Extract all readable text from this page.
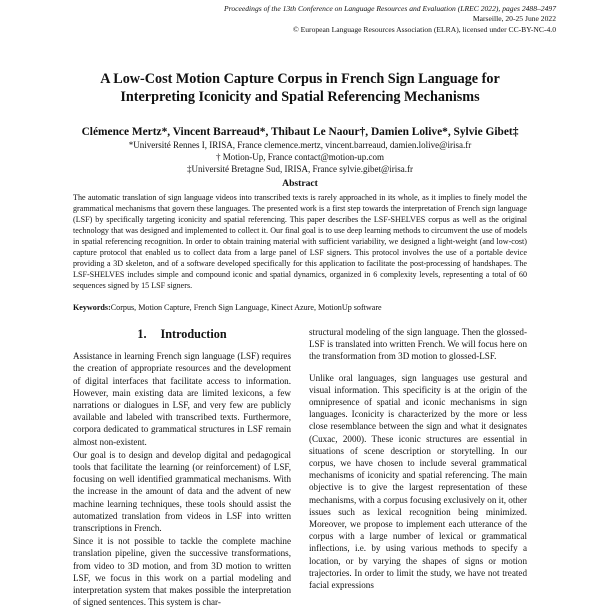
Proceedings of the 13th Conference on Language Resources and Evaluation (LREC 2022), pages 2488–2497
Marseille, 20-25 June 2022
© European Language Resources Association (ELRA), licensed under CC-BY-NC-4.0
A Low-Cost Motion Capture Corpus in French Sign Language for
Interpreting Iconicity and Spatial Referencing Mechanisms
Clémence Mertz*, Vincent Barreaud*, Thibaut Le Naour†, Damien Lolive*, Sylvie Gibet‡
*Université Rennes I, IRISA, France clemence.mertz, vincent.barreaud, damien.lolive@irisa.fr
† Motion-Up, France contact@motion-up.com
‡Université Bretagne Sud, IRISA, France sylvie.gibet@irisa.fr
Abstract
The automatic translation of sign language videos into transcribed texts is rarely approached in its whole, as it implies to finely model the grammatical mechanisms that govern these languages. The presented work is a first step towards the interpretation of French sign language (LSF) by specifically targeting iconicity and spatial referencing. This paper describes the LSF-SHELVES corpus as well as the original technology that was designed and implemented to collect it. Our final goal is to use deep learning methods to circumvent the use of models in spatial referencing recognition. In order to obtain training material with sufficient variability, we designed a light-weight (and low-cost) capture protocol that enabled us to collect data from a large panel of LSF signers. This protocol involves the use of a portable device providing a 3D skeleton, and of a software developed specifically for this application to facilitate the post-processing of handshapes. The LSF-SHELVES includes simple and compound iconic and spatial dynamics, organized in 6 complexity levels, representing a total of 60 sequences signed by 15 LSF signers.
Keywords:Corpus, Motion Capture, French Sign Language, Kinect Azure, MotionUp software
1. Introduction

Assistance in learning French sign language (LSF) requires the creation of appropriate resources and the development of digital interfaces that facilitate access to information. However, main existing data are limited lexicons, a few narrations or dialogues in LSF, and very few are publicly available and labeled with transcribed texts. Furthermore, corpora dedicated to grammatical structures in LSF remain almost non-existent.

Our goal is to design and develop digital and pedagogical tools that facilitate the learning (or reinforcement) of LSF, focusing on well identified grammatical mechanisms. With the increase in the amount of data and the advent of new machine learning techniques, these tools should assist the automatized translation from videos in LSF into written transcriptions in French.

Since it is not possible to tackle the complete machine translation pipeline, given the successive transformations, from video to 3D motion, and from 3D motion to written LSF, we focus in this work on a partial modeling and interpretation system that makes possible the interpretation of signed sentences. This system is char-

structural modeling of the sign language. Then the glossed-LSF is translated into written French. We will focus here on the transformation from 3D motion to glossed-LSF.

Unlike oral languages, sign languages use gestural and visual information. This specificity is at the origin of the omnipresence of spatial and iconic mechanisms in sign languages. Iconicity is characterized by the more or less close resemblance between the sign and what it designates (Cuxac, 2000). These iconic structures are essential in situations of scene description or storytelling. In our corpus, we have chosen to include several grammatical mechanisms of iconicity and spatial referencing. The main objective is to give the largest representation of these mechanisms, with a corpus focusing exclusively on it, other issues such as lexical recognition being minimized. Moreover, we propose to implement each utterance of the corpus with a large number of lexical or grammatical inflections, i.e. by using various methods to specify a location, or by varying the shapes of signs or motion trajectories. In order to limit the study, we have not treated facial expressions
